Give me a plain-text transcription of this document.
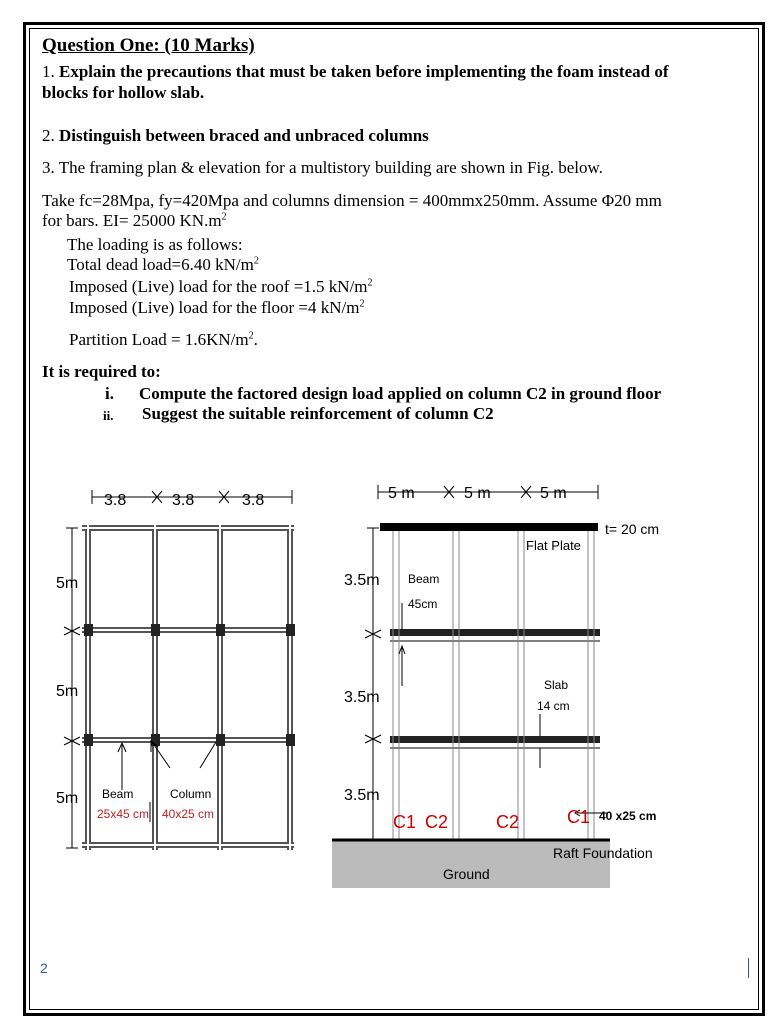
Question One: (10 Marks)
1. Explain the precautions that must be taken before implementing the foam instead of
blocks for hollow slab.
2. Distinguish between braced and unbraced columns
3. The framing plan & elevation for a multistory building are shown in Fig. below.
Take fc=28Mpa, fy=420Mpa and columns dimension = 400mmx250mm. Assume Φ20 mm
for bars. EI= 25000 $KN.m^2$
The loading is as follows:
Total dead load=6.40 $kN/m^2$
Imposed (Live) load for the roof =1.5 $kN/m^2$
Imposed (Live) load for the floor =4 $kN/m^2$
Partition Load = $1.6KN/m^2$.
It is required to:
i. Compute the factored design load applied on column C2 in ground floor
ii. Suggest the suitable reinforcement of column C2
3.8	3.8	3.8
5m
5m
5m Beam
25x45 cm
Column
40x25 cm
5 m	5 m	5 m
3.5m
3.5m
3.5m
t= 20 cm
Flat Plate
Beam
45cm
Slab
14 cm
C1 C2	C2	C1 40 x25 cm
Raft Foundation
Ground
2
